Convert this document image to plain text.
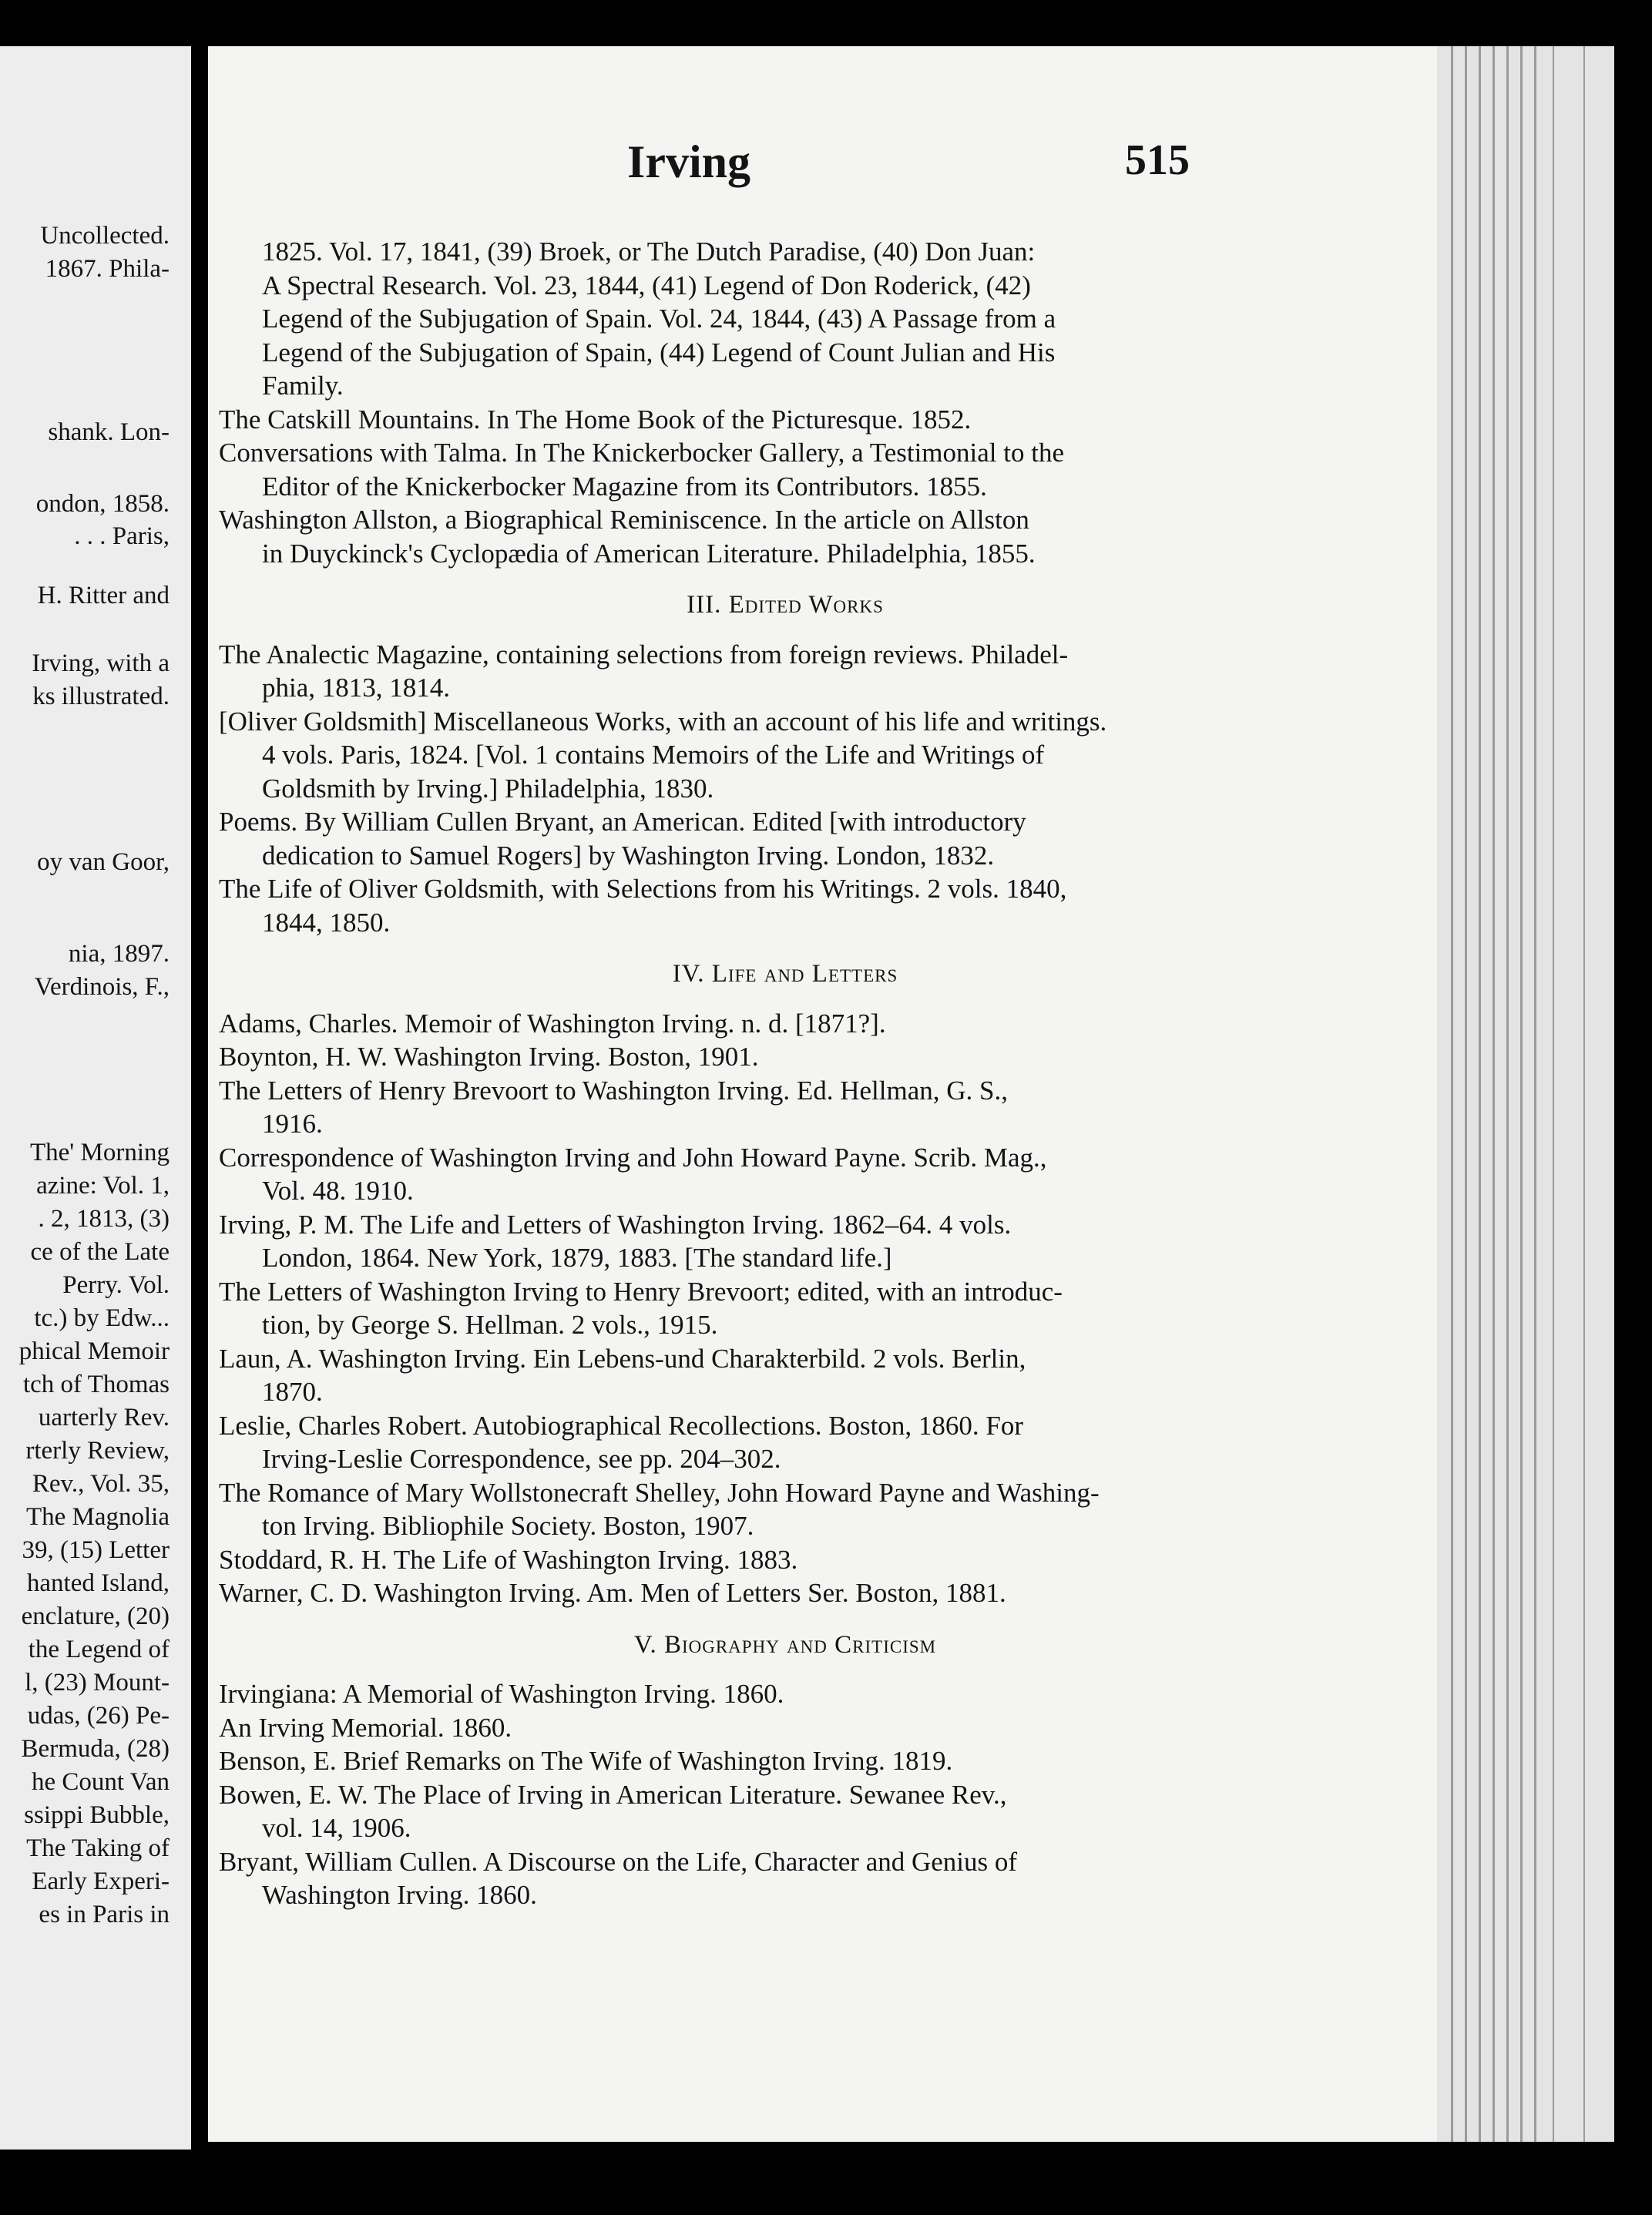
Uncollected.
1867. Phila-
shank. Lon-
ondon, 1858.
. . . Paris,
H. Ritter and
Irving, with a
ks illustrated.
oy van Goor,
nia, 1897.
Verdinois, F.,
The' Morning
azine: Vol. 1,
. 2, 1813, (3)
ce of the Late
Perry. Vol.
tc.) by Edw...
phical Memoir
tch of Thomas
uarterly Rev.
rterly Review,
Rev., Vol. 35,
The Magnolia
39, (15) Letter
hanted Island,
enclature, (20)
the Legend of
l, (23) Mount-
udas, (26) Pe-
Bermuda, (28)
he Count Van
ssippi Bubble,
The Taking of
Early Experi-
es in Paris in
Irving	515
1825. Vol. 17, 1841, (39) Broek, or The Dutch Paradise, (40) Don Juan:
A Spectral Research. Vol. 23, 1844, (41) Legend of Don Roderick, (42)
Legend of the Subjugation of Spain. Vol. 24, 1844, (43) A Passage from a
Legend of the Subjugation of Spain, (44) Legend of Count Julian and His
Family.
The Catskill Mountains. In The Home Book of the Picturesque. 1852.
Conversations with Talma. In The Knickerbocker Gallery, a Testimonial to the
Editor of the Knickerbocker Magazine from its Contributors. 1855.
Washington Allston, a Biographical Reminiscence. In the article on Allston
in Duyckinck's Cyclopædia of American Literature. Philadelphia, 1855.
III. Edited Works
The Analectic Magazine, containing selections from foreign reviews. Philadel-
phia, 1813, 1814.
[Oliver Goldsmith] Miscellaneous Works, with an account of his life and writings.
4 vols. Paris, 1824. [Vol. 1 contains Memoirs of the Life and Writings of
Goldsmith by Irving.] Philadelphia, 1830.
Poems. By William Cullen Bryant, an American. Edited [with introductory
dedication to Samuel Rogers] by Washington Irving. London, 1832.
The Life of Oliver Goldsmith, with Selections from his Writings. 2 vols. 1840,
1844, 1850.
IV. Life and Letters
Adams, Charles. Memoir of Washington Irving. n. d. [1871?].
Boynton, H. W. Washington Irving. Boston, 1901.
The Letters of Henry Brevoort to Washington Irving. Ed. Hellman, G. S.,
1916.
Correspondence of Washington Irving and John Howard Payne. Scrib. Mag.,
Vol. 48. 1910.
Irving, P. M. The Life and Letters of Washington Irving. 1862–64. 4 vols.
London, 1864. New York, 1879, 1883. [The standard life.]
The Letters of Washington Irving to Henry Brevoort; edited, with an introduc-
tion, by George S. Hellman. 2 vols., 1915.
Laun, A. Washington Irving. Ein Lebens-und Charakterbild. 2 vols. Berlin,
1870.
Leslie, Charles Robert. Autobiographical Recollections. Boston, 1860. For
Irving-Leslie Correspondence, see pp. 204–302.
The Romance of Mary Wollstonecraft Shelley, John Howard Payne and Washing-
ton Irving. Bibliophile Society. Boston, 1907.
Stoddard, R. H. The Life of Washington Irving. 1883.
Warner, C. D. Washington Irving. Am. Men of Letters Ser. Boston, 1881.
V. Biography and Criticism
Irvingiana: A Memorial of Washington Irving. 1860.
An Irving Memorial. 1860.
Benson, E. Brief Remarks on The Wife of Washington Irving. 1819.
Bowen, E. W. The Place of Irving in American Literature. Sewanee Rev.,
vol. 14, 1906.
Bryant, William Cullen. A Discourse on the Life, Character and Genius of
Washington Irving. 1860.
